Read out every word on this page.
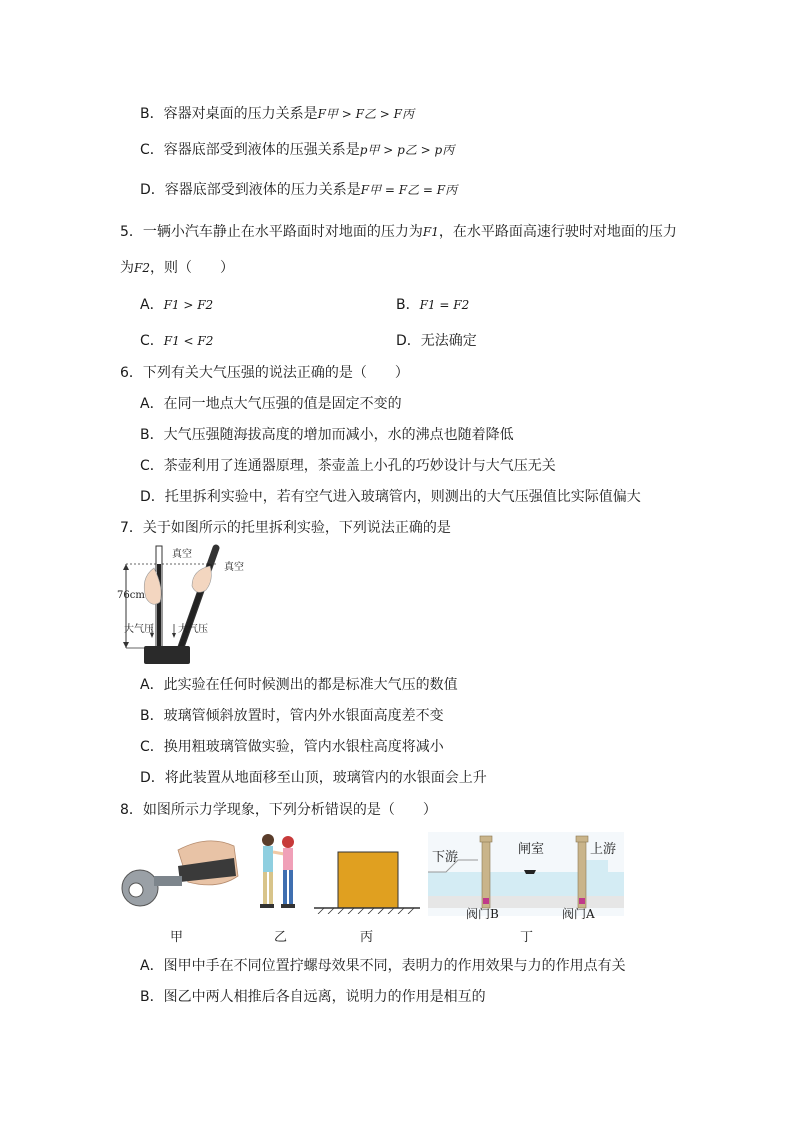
B．容器对桌面的压力关系是F甲 > F乙 > F丙
C．容器底部受到液体的压强关系是p甲 > p乙 > p丙
D．容器底部受到液体的压力关系是F甲 = F乙 = F丙
5．一辆小汽车静止在水平路面时对地面的压力为F1，在水平路面高速行驶时对地面的压力
为F2，则（　　）
A．F1 > F2	B．F1 = F2
C．F1 < F2	D．无法确定
6．下列有关大气压强的说法正确的是（　　）
A．在同一地点大气压强的值是固定不变的
B．大气压强随海拔高度的增加而减小，水的沸点也随着降低
C．茶壶利用了连通器原理，茶壶盖上小孔的巧妙设计与大气压无关
D．托里拆利实验中，若有空气进入玻璃管内，则测出的大气压强值比实际值偏大
7．关于如图所示的托里拆利实验，下列说法正确的是
真空
真空
76cm
大气压 大气压
A．此实验在任何时候测出的都是标准大气压的数值
B．玻璃管倾斜放置时，管内外水银面高度差不变
C．换用粗玻璃管做实验，管内水银柱高度将减小
D．将此装置从地面移至山顶，玻璃管内的水银面会上升
8．如图所示力学现象，下列分析错误的是（　　）
下游
闸室	上游
阀门B	阀门A
甲	乙	丙	丁
A．图甲中手在不同位置拧螺母效果不同，表明力的作用效果与力的作用点有关
B．图乙中两人相推后各自远离，说明力的作用是相互的
